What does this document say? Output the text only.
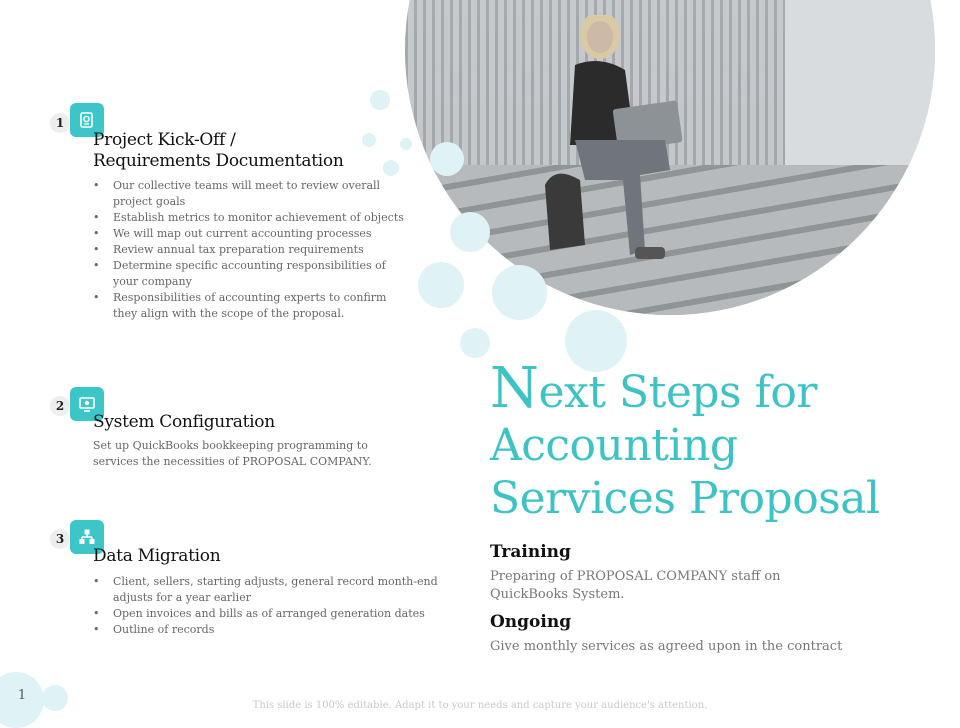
1
Project Kick-Off /
Requirements Documentation
• Our collective teams will meet to review overall project goals
• Establish metrics to monitor achievement of objects
• We will map out current accounting processes
• Review annual tax preparation requirements
• Determine specific accounting responsibilities of your company
• Responsibilities of accounting experts to confirm they align with the scope of the proposal.
2
System Configuration

Set up QuickBooks bookkeeping programming to services the necessities of PROPOSAL COMPANY.

3
Data Migration
• Client, sellers, starting adjusts, general record month-end adjusts for a year earlier
• Open invoices and bills as of arranged generation dates
• Outline of records
Next Steps for
Accounting
Services Proposal
Training

Preparing of PROPOSAL COMPANY staff on QuickBooks System.

Ongoing

Give monthly services as agreed upon in the contract

1
This slide is 100% editable. Adapt it to your needs and capture your audience's attention.
